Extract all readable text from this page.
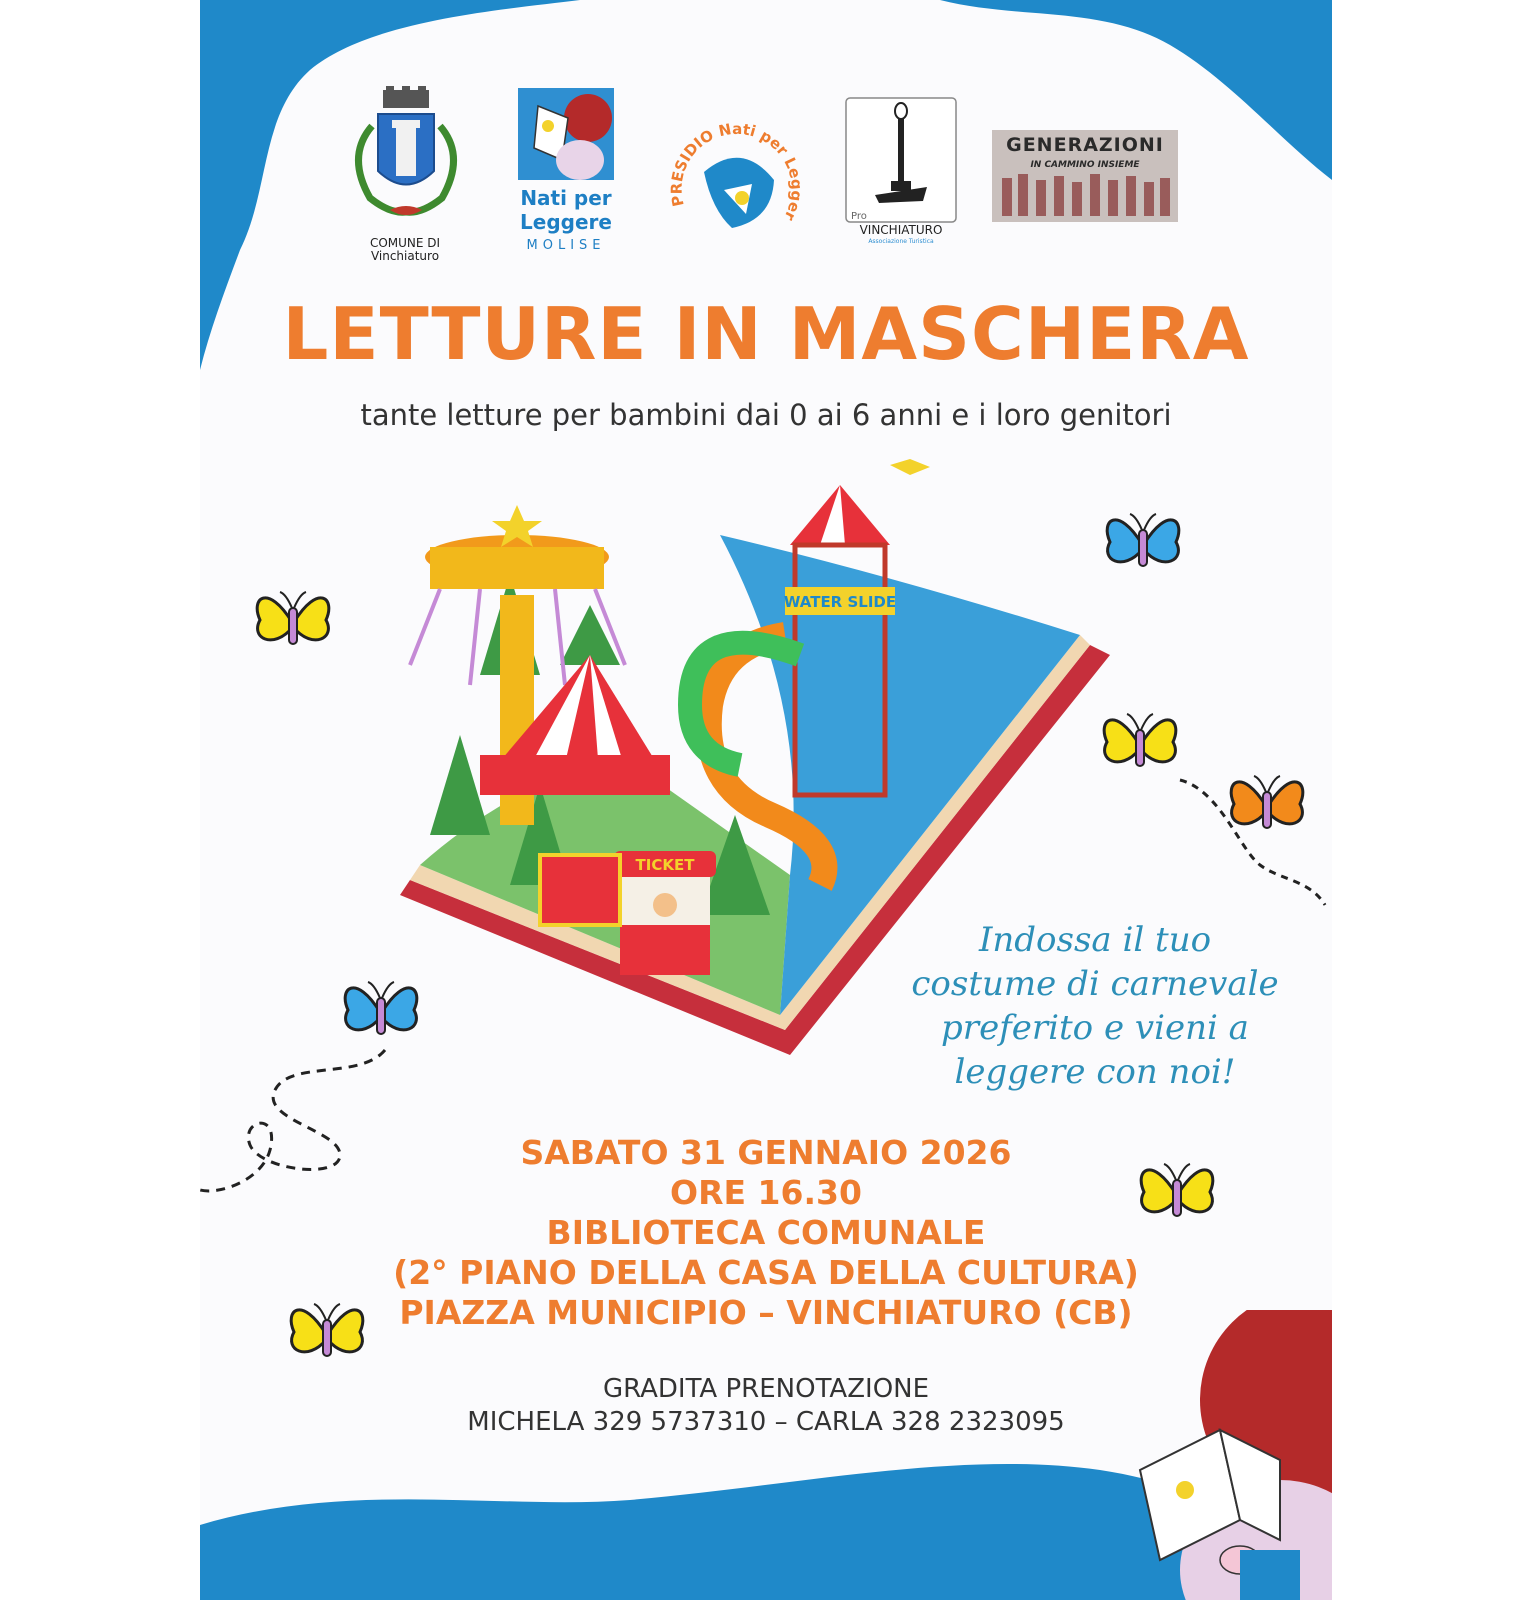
COMUNE DI
Vinchiaturo
Nati per
Leggere
MOLISE
PRESIDIO Nati per Legger	Pro
VINCHIATURO
Associazione Turistica
GENERAZIONI
IN CAMMINO INSIEME
LETTURE IN MASCHERA
tante letture per bambini dai 0 ai 6 anni e i loro genitori
WATER SLIDE
TICKET
Indossa il tuo
costume di carnevale
preferito e vieni a
leggere con noi!
SABATO 31 GENNAIO 2026
ORE 16.30
BIBLIOTECA COMUNALE
(2° PIANO DELLA CASA DELLA CULTURA)
PIAZZA MUNICIPIO – VINCHIATURO (CB)
GRADITA PRENOTAZIONE
MICHELA 329 5737310 – CARLA 328 2323095
